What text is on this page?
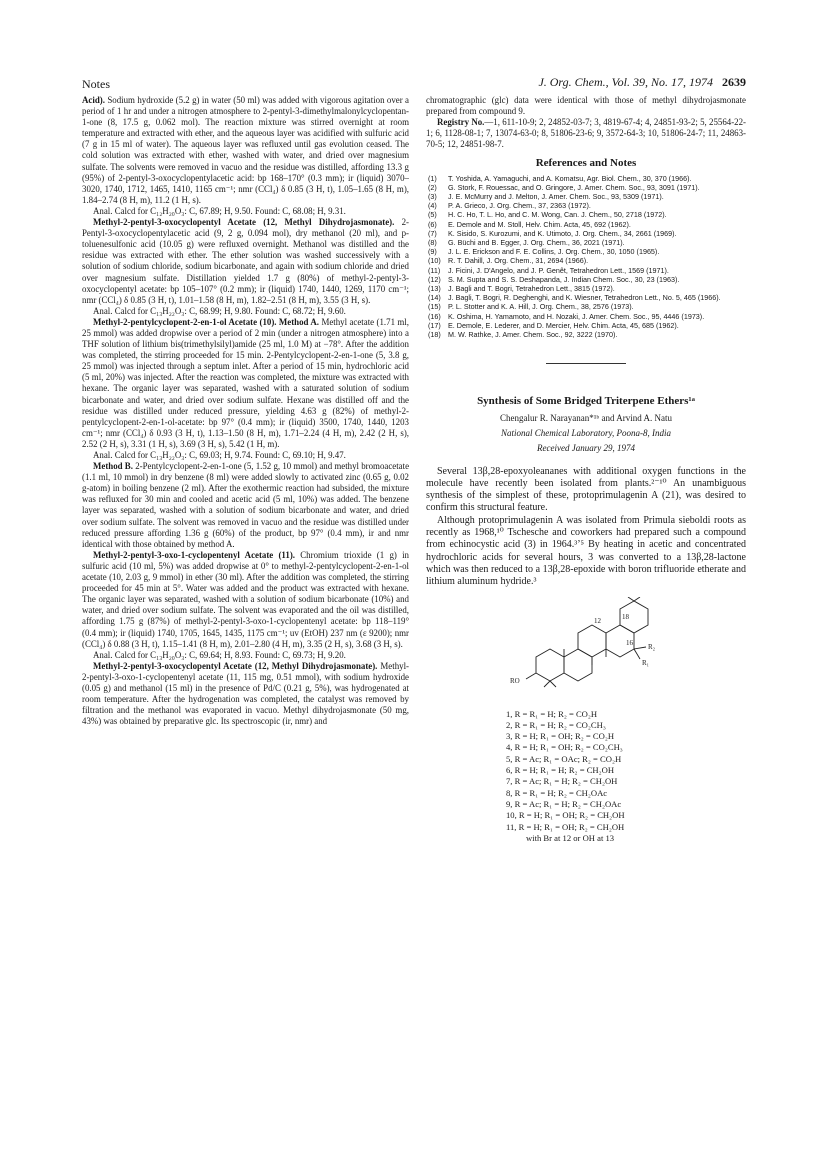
Notes	J. Org. Chem., Vol. 39, No. 17, 1974 2639

Acid). Sodium hydroxide (5.2 g) in water (50 ml) was added with vigorous agitation over a period of 1 hr and under a nitrogen atmosphere to 2-pentyl-3-dimethylmalonylcyclopentan-1-one (8, 17.5 g, 0.062 mol). The reaction mixture was stirred overnight at room temperature and extracted with ether, and the aqueous layer was acidified with sulfuric acid (7 g in 15 ml of water). The aqueous layer was refluxed until gas evolution ceased. The cold solution was extracted with ether, washed with water, and dried over magnesium sulfate. The solvents were removed in vacuo and the residue was distilled, affording 13.3 g (95%) of 2-pentyl-3-oxocyclopentylacetic acid: bp 168–170° (0.3 mm); ir (liquid) 3070–3020, 1740, 1712, 1465, 1410, 1165 cm⁻¹; nmr (CCl₄) δ 0.85 (3 H, t), 1.05–1.65 (8 H, m), 1.84–2.74 (8 H, m), 11.2 (1 H, s).

Anal. Calcd for C₁₂H₂₀O₃: C, 67.89; H, 9.50. Found: C, 68.08; H, 9.31.

Methyl-2-pentyl-3-oxocyclopentyl Acetate (12, Methyl Dihydrojasmonate). 2-Pentyl-3-oxocyclopentylacetic acid (9, 2 g, 0.094 mol), dry methanol (20 ml), and p-toluenesulfonic acid (10.05 g) were refluxed overnight. Methanol was distilled and the residue was extracted with ether. The ether solution was washed successively with a solution of sodium chloride, sodium bicarbonate, and again with sodium chloride and dried over magnesium sulfate. Distillation yielded 1.7 g (80%) of methyl-2-pentyl-3-oxocyclopentyl acetate: bp 105–107° (0.2 mm); ir (liquid) 1740, 1440, 1269, 1170 cm⁻¹; nmr (CCl₄) δ 0.85 (3 H, t), 1.01–1.58 (8 H, m), 1.82–2.51 (8 H, m), 3.55 (3 H, s).

Anal. Calcd for C₁₃H₂₂O₃: C, 68.99; H, 9.80. Found: C, 68.72; H, 9.60.

Methyl-2-pentylcyclopent-2-en-1-ol Acetate (10). Method A. Methyl acetate (1.71 ml, 25 mmol) was added dropwise over a period of 2 min (under a nitrogen atmosphere) into a THF solution of lithium bis(trimethylsilyl)amide (25 ml, 1.0 M) at −78°. After the addition was completed, the stirring proceeded for 15 min. 2-Pentylcyclopent-2-en-1-one (5, 3.8 g, 25 mmol) was injected through a septum inlet. After a period of 15 min, hydrochloric acid (5 ml, 20%) was injected. After the reaction was completed, the mixture was extracted with hexane. The organic layer was separated, washed with a saturated solution of sodium bicarbonate and water, and dried over sodium sulfate. Hexane was distilled off and the residue was distilled under reduced pressure, yielding 4.63 g (82%) of methyl-2-pentylcyclopent-2-en-1-ol-acetate: bp 97° (0.4 mm); ir (liquid) 3500, 1740, 1440, 1203 cm⁻¹; nmr (CCl₄) δ 0.93 (3 H, t), 1.13–1.50 (8 H, m), 1.71–2.24 (4 H, m), 2.42 (2 H, s), 2.52 (2 H, s), 3.31 (1 H, s), 3.69 (3 H, s), 5.42 (1 H, m).

Anal. Calcd for C₁₃H₂₂O₃: C, 69.03; H, 9.74. Found: C, 69.10; H, 9.47.

Method B. 2-Pentylcyclopent-2-en-1-one (5, 1.52 g, 10 mmol) and methyl bromoacetate (1.1 ml, 10 mmol) in dry benzene (8 ml) were added slowly to activated zinc (0.65 g, 0.02 g-atom) in boiling benzene (2 ml). After the exothermic reaction had subsided, the mixture was refluxed for 30 min and cooled and acetic acid (5 ml, 10%) was added. The benzene layer was separated, washed with a solution of sodium bicarbonate and water, and dried over sodium sulfate. The solvent was removed in vacuo and the residue was distilled under reduced pressure affording 1.36 g (60%) of the product, bp 97° (0.4 mm), ir and nmr identical with those obtained by method A.

Methyl-2-pentyl-3-oxo-1-cyclopentenyl Acetate (11). Chromium trioxide (1 g) in sulfuric acid (10 ml, 5%) was added dropwise at 0° to methyl-2-pentylcyclopent-2-en-1-ol acetate (10, 2.03 g, 9 mmol) in ether (30 ml). After the addition was completed, the stirring proceeded for 45 min at 5°. Water was added and the product was extracted with hexane. The organic layer was separated, washed with a solution of sodium bicarbonate (10%) and water, and dried over sodium sulfate. The solvent was evaporated and the oil was distilled, affording 1.75 g (87%) of methyl-2-pentyl-3-oxo-1-cyclopentenyl acetate: bp 118–119° (0.4 mm); ir (liquid) 1740, 1705, 1645, 1435, 1175 cm⁻¹; uv (EtOH) 237 nm (ε 9200); nmr (CCl₄) δ 0.88 (3 H, t), 1.15–1.41 (8 H, m), 2.01–2.80 (4 H, m), 3.35 (2 H, s), 3.68 (3 H, s).

Anal. Calcd for C₁₃H₂₀O₃: C, 69.64; H, 8.93. Found: C, 69.73; H, 9.20.

Methyl-2-pentyl-3-oxocyclopentyl Acetate (12, Methyl Dihydrojasmonate). Methyl-2-pentyl-3-oxo-1-cyclopentenyl acetate (11, 115 mg, 0.51 mmol), with sodium hydroxide (0.05 g) and methanol (15 ml) in the presence of Pd/C (0.21 g, 5%), was hydrogenated at room temperature. After the hydrogenation was completed, the catalyst was removed by filtration and the methanol was evaporated in vacuo. Methyl dihydrojasmonate (50 mg, 43%) was obtained by preparative glc. Its spectroscopic (ir, nmr) and

chromatographic (glc) data were identical with those of methyl dihydrojasmonate prepared from compound 9.

Registry No.—1, 611-10-9; 2, 24852-03-7; 3, 4819-67-4; 4, 24851-93-2; 5, 25564-22-1; 6, 1128-08-1; 7, 13074-63-0; 8, 51806-23-6; 9, 3572-64-3; 10, 51806-24-7; 11, 24863-70-5; 12, 24851-98-7.

References and Notes
(1) T. Yoshida, A. Yamaguchi, and A. Komatsu, Agr. Biol. Chem., 30, 370 (1966).
(2) G. Stork, F. Rouessac, and O. Gringore, J. Amer. Chem. Soc., 93, 3091 (1971).
(3) J. E. McMurry and J. Melton, J. Amer. Chem. Soc., 93, 5309 (1971).
(4) P. A. Grieco, J. Org. Chem., 37, 2363 (1972).
(5) H. C. Ho, T. L. Ho, and C. M. Wong, Can. J. Chem., 50, 2718 (1972).
(6) E. Demole and M. Stoll, Helv. Chim. Acta, 45, 692 (1962).
(7) K. Sisido, S. Kurozumi, and K. Utimoto, J. Org. Chem., 34, 2661 (1969).
(8) G. Büchi and B. Egger, J. Org. Chem., 36, 2021 (1971).
(9) J. L. E. Erickson and F. E. Collins, J. Org. Chem., 30, 1050 (1965).
(10) R. T. Dahill, J. Org. Chem., 31, 2694 (1966).
(11) J. Ficini, J. D'Angelo, and J. P. Genêt, Tetrahedron Lett., 1569 (1971).
(12) S. M. Supta and S. S. Deshapanda, J. Indian Chem. Soc., 30, 23 (1963).
(13) J. Bagli and T. Bogri, Tetrahedron Lett., 3815 (1972).
(14) J. Bagli, T. Bogri, R. Deghenghi, and K. Wiesner, Tetrahedron Lett., No. 5, 465 (1966).
(15) P. L. Stotter and K. A. Hill, J. Org. Chem., 38, 2576 (1973).
(16) K. Oshima, H. Yamamoto, and H. Nozaki, J. Amer. Chem. Soc., 95, 4446 (1973).
(17) E. Demole, E. Lederer, and D. Mercier, Helv. Chim. Acta, 45, 685 (1962).
(18) M. W. Rathke, J. Amer. Chem. Soc., 92, 3222 (1970).
Synthesis of Some Bridged Triterpene Ethers¹ᵃ
Chengalur R. Narayanan*¹ᵇ and Arvind A. Natu
National Chemical Laboratory, Poona-8, India
Received January 29, 1974

Several 13β,28-epoxyoleananes with additional oxygen functions in the molecule have recently been isolated from plants.²⁻¹⁰ An unambiguous synthesis of the simplest of these, protoprimulagenin A (21), was desired to confirm this structural feature.

Although protoprimulagenin A was isolated from Primula sieboldi roots as recently as 1968,¹⁰ Tschesche and coworkers had prepared such a compound from echinocystic acid (3) in 1964.³ʼ⁵ By heating in acetic and concentrated hydrochloric acids for several hours, 3 was converted to a 13β,28-lactone which was then reduced to a 13β,28-epoxide with boron trifluoride etherate and lithium aluminum hydride.³

RO
R₂
R₁
12
16
18
1, R = R₁ = H; R₂ = CO₂H
2, R = R₁ = H; R₂ = CO₂CH₃
3, R = H; R₁ = OH; R₂ = CO₂H
4, R = H; R₁ = OH; R₂ = CO₂CH₃
5, R = Ac; R₁ = OAc; R₂ = CO₂H
6, R = H; R₁ = H; R₂ = CH₂OH
7, R = Ac; R₁ = H; R₂ = CH₂OH
8, R = R₁ = H; R₂ = CH₂OAc
9, R = Ac; R₁ = H; R₂ = CH₂OAc
10, R = H; R₁ = OH; R₂ = CH₂OH
11, R = H; R₁ = OH; R₂ = CH₂OH
with Br at 12 or OH at 13
